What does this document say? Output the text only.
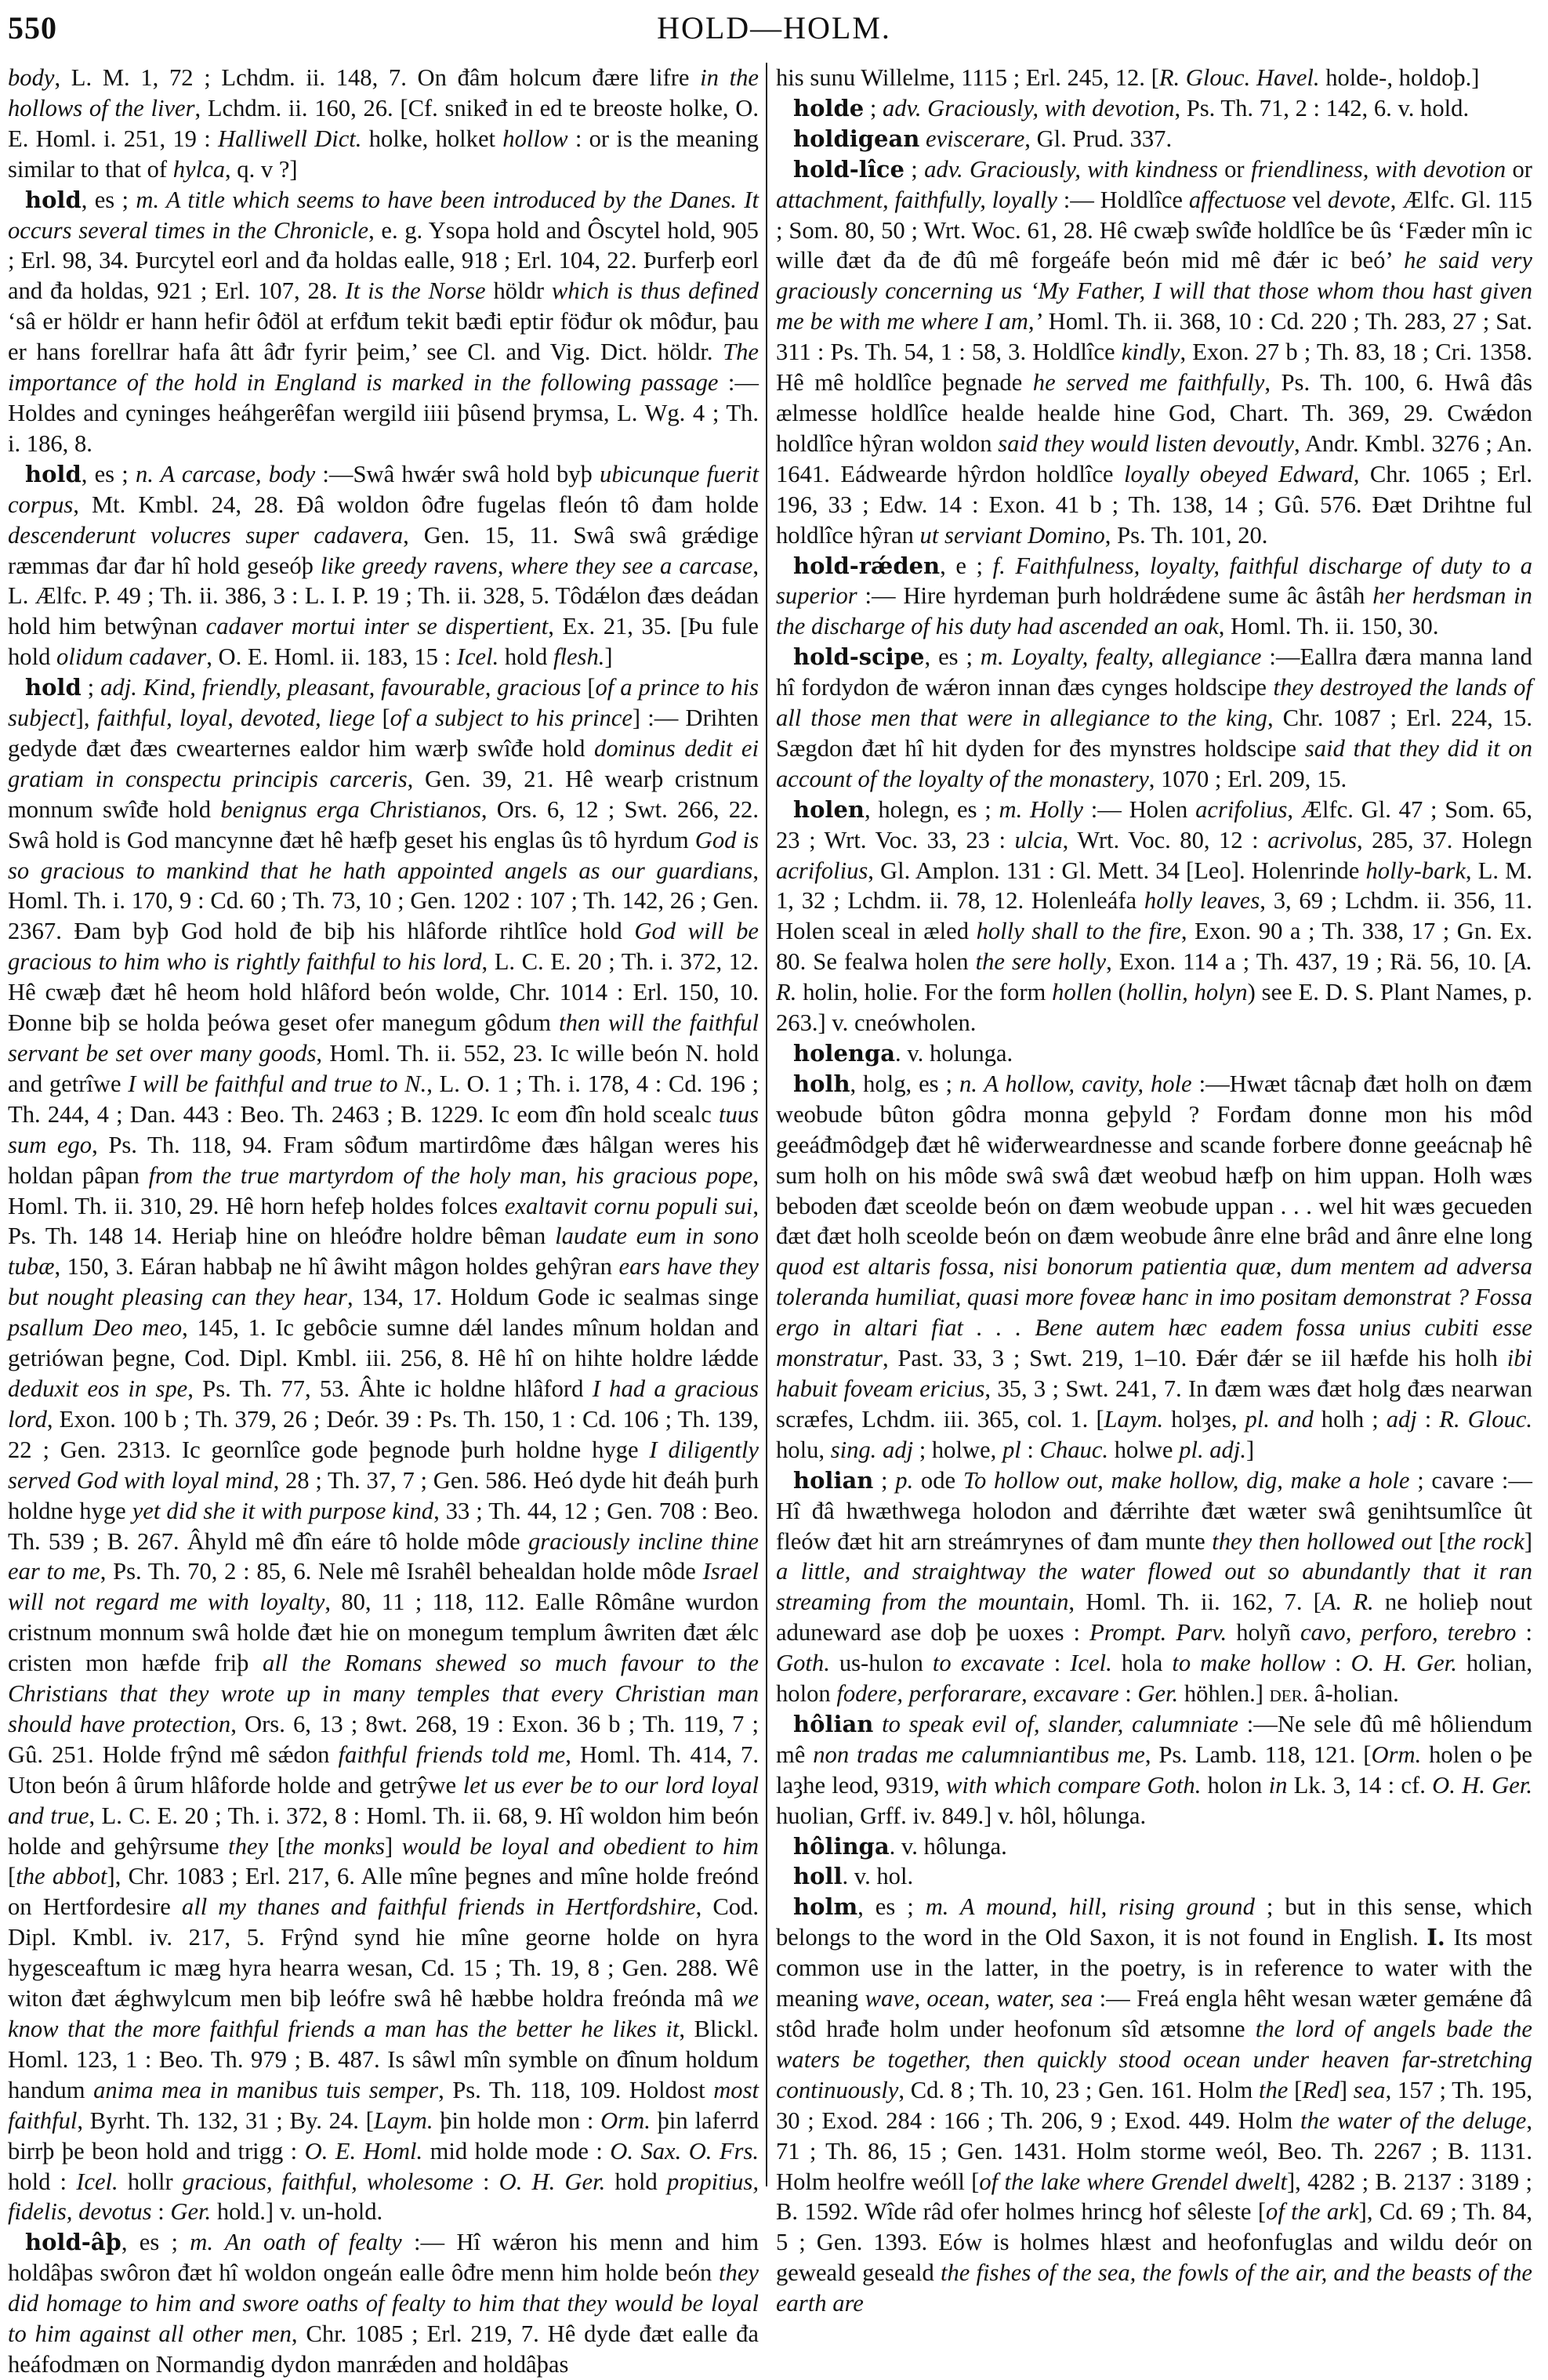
550	HOLD—HOLM.

body, L. M. 1, 72 ; Lchdm. ii. 148, 7. On đâm holcum đære lifre in the hollows of the liver, Lchdm. ii. 160, 26. [Cf. snikeđ in ed te breoste holke, O. E. Homl. i. 251, 19 : Halliwell Dict. holke, holket hollow : or is the meaning similar to that of hylca, q. v ?]

hold, es ; m. A title which seems to have been introduced by the Danes. It occurs several times in the Chronicle, e. g. Ysopa hold and Ôscytel hold, 905 ; Erl. 98, 34. Þurcytel eorl and đa holdas ealle, 918 ; Erl. 104, 22. Þurferþ eorl and đa holdas, 921 ; Erl. 107, 28. It is the Norse höldr which is thus defined ‘sâ er höldr er hann hefir ôđöl at erfđum tekit bæđi eptir föđur ok môđur, þau er hans forellrar hafa âtt âđr fyrir þeim,’ see Cl. and Vig. Dict. höldr. The importance of the hold in England is marked in the following passage :— Holdes and cyninges heáhgerêfan wergild iiii þûsend þrymsa, L. Wg. 4 ; Th. i. 186, 8.

hold, es ; n. A carcase, body :—Swâ hwǽr swâ hold byþ ubicunque fuerit corpus, Mt. Kmbl. 24, 28. Đâ woldon ôđre fugelas fleón tô đam holde descenderunt volucres super cadavera, Gen. 15, 11. Swâ swâ grǽdige ræmmas đar đar hî hold geseóþ like greedy ravens, where they see a carcase, L. Ælfc. P. 49 ; Th. ii. 386, 3 : L. I. P. 19 ; Th. ii. 328, 5. Tôdǽlon đæs deádan hold him betwŷnan cadaver mortui inter se dispertient, Ex. 21, 35. [Þu fule hold olidum cadaver, O. E. Homl. ii. 183, 15 : Icel. hold flesh.]

hold ; adj. Kind, friendly, pleasant, favourable, gracious [of a prince to his subject], faithful, loyal, devoted, liege [of a subject to his prince] :— Drihten gedyde đæt đæs cwearternes ealdor him wærþ swîđe hold dominus dedit ei gratiam in conspectu principis carceris, Gen. 39, 21. Hê wearþ cristnum monnum swîđe hold benignus erga Christianos, Ors. 6, 12 ; Swt. 266, 22. Swâ hold is God mancynne đæt hê hæfþ geset his englas ûs tô hyrdum God is so gracious to mankind that he hath appointed angels as our guardians, Homl. Th. i. 170, 9 : Cd. 60 ; Th. 73, 10 ; Gen. 1202 : 107 ; Th. 142, 26 ; Gen. 2367. Đam byþ God hold đe biþ his hlâforde rihtlîce hold God will be gracious to him who is rightly faithful to his lord, L. C. E. 20 ; Th. i. 372, 12. Hê cwæþ đæt hê heom hold hlâford beón wolde, Chr. 1014 : Erl. 150, 10. Đonne biþ se holda þeówa geset ofer manegum gôdum then will the faithful servant be set over many goods, Homl. Th. ii. 552, 23. Ic wille beón N. hold and getrîwe I will be faithful and true to N., L. O. 1 ; Th. i. 178, 4 : Cd. 196 ; Th. 244, 4 ; Dan. 443 : Beo. Th. 2463 ; B. 1229. Ic eom đîn hold scealc tuus sum ego, Ps. Th. 118, 94. Fram sôđum martirdôme đæs hâlgan weres his holdan pâpan from the true martyrdom of the holy man, his gracious pope, Homl. Th. ii. 310, 29. Hê horn hefeþ holdes folces exaltavit cornu populi sui, Ps. Th. 148 14. Heriaþ hine on hleóđre holdre bêman laudate eum in sono tubæ, 150, 3. Eáran habbaþ ne hî âwiht mâgon holdes gehŷran ears have they but nought pleasing can they hear, 134, 17. Holdum Gode ic sealmas singe psallum Deo meo, 145, 1. Ic gebôcie sumne dǽl landes mînum holdan and getriówan þegne, Cod. Dipl. Kmbl. iii. 256, 8. Hê hî on hihte holdre lǽdde deduxit eos in spe, Ps. Th. 77, 53. Âhte ic holdne hlâford I had a gracious lord, Exon. 100 b ; Th. 379, 26 ; Deór. 39 : Ps. Th. 150, 1 : Cd. 106 ; Th. 139, 22 ; Gen. 2313. Ic geornlîce gode þegnode þurh holdne hyge I diligently served God with loyal mind, 28 ; Th. 37, 7 ; Gen. 586. Heó dyde hit đeáh þurh holdne hyge yet did she it with purpose kind, 33 ; Th. 44, 12 ; Gen. 708 : Beo. Th. 539 ; B. 267. Âhyld mê đîn eáre tô holde môde graciously incline thine ear to me, Ps. Th. 70, 2 : 85, 6. Nele mê Israhêl behealdan holde môde Israel will not regard me with loyalty, 80, 11 ; 118, 112. Ealle Rômâne wurdon cristnum monnum swâ holde đæt hie on monegum templum âwriten đæt ǽlc cristen mon hæfde friþ all the Romans shewed so much favour to the Christians that they wrote up in many temples that every Christian man should have protection, Ors. 6, 13 ; 8wt. 268, 19 : Exon. 36 b ; Th. 119, 7 ; Gû. 251. Holde frŷnd mê sǽdon faithful friends told me, Homl. Th. 414, 7. Uton beón â ûrum hlâforde holde and getrŷwe let us ever be to our lord loyal and true, L. C. E. 20 ; Th. i. 372, 8 : Homl. Th. ii. 68, 9. Hî woldon him beón holde and gehŷrsume they [the monks] would be loyal and obedient to him [the abbot], Chr. 1083 ; Erl. 217, 6. Alle mîne þegnes and mîne holde freónd on Hertfordesire all my thanes and faithful friends in Hertfordshire, Cod. Dipl. Kmbl. iv. 217, 5. Frŷnd synd hie mîne georne holde on hyra hygesceaftum ic mæg hyra hearra wesan, Cd. 15 ; Th. 19, 8 ; Gen. 288. Wê witon đæt ǽghwylcum men biþ leófre swâ hê hæbbe holdra freónda mâ we know that the more faithful friends a man has the better he likes it, Blickl. Homl. 123, 1 : Beo. Th. 979 ; B. 487. Is sâwl mîn symble on đînum holdum handum anima mea in manibus tuis semper, Ps. Th. 118, 109. Holdost most faithful, Byrht. Th. 132, 31 ; By. 24. [Laym. þin holde mon : Orm. þin laferrd birrþ þe beon hold and trigg : O. E. Homl. mid holde mode : O. Sax. O. Frs. hold : Icel. hollr gracious, faithful, wholesome : O. H. Ger. hold propitius, fidelis, devotus : Ger. hold.] v. un-hold.

hold-âþ, es ; m. An oath of fealty :— Hî wǽron his menn and him holdâþas swôron đæt hî woldon ongeán ealle ôđre menn him holde beón they did homage to him and swore oaths of fealty to him that they would be loyal to him against all other men, Chr. 1085 ; Erl. 219, 7. Hê dyde đæt ealle đa heáfodmæn on Normandig dydon manrǽden and holdâþas

his sunu Willelme, 1115 ; Erl. 245, 12. [R. Glouc. Havel. holde-, holdoþ.]

holde ; adv. Graciously, with devotion, Ps. Th. 71, 2 : 142, 6. v. hold.

holdigean eviscerare, Gl. Prud. 337.

hold-lîce ; adv. Graciously, with kindness or friendliness, with devotion or attachment, faithfully, loyally :— Holdlîce affectuose vel devote, Ælfc. Gl. 115 ; Som. 80, 50 ; Wrt. Woc. 61, 28. Hê cwæþ swîđe holdlîce be ûs ‘Fæder mîn ic wille đæt đa đe đû mê forgeáfe beón mid mê đǽr ic beó’ he said very graciously concerning us ‘My Father, I will that those whom thou hast given me be with me where I am,’ Homl. Th. ii. 368, 10 : Cd. 220 ; Th. 283, 27 ; Sat. 311 : Ps. Th. 54, 1 : 58, 3. Holdlîce kindly, Exon. 27 b ; Th. 83, 18 ; Cri. 1358. Hê mê holdlîce þegnade he served me faithfully, Ps. Th. 100, 6. Hwâ đâs ælmesse holdlîce healde healde hine God, Chart. Th. 369, 29. Cwǽdon holdlîce hŷran woldon said they would listen devoutly, Andr. Kmbl. 3276 ; An. 1641. Eádwearde hŷrdon holdlîce loyally obeyed Edward, Chr. 1065 ; Erl. 196, 33 ; Edw. 14 : Exon. 41 b ; Th. 138, 14 ; Gû. 576. Đæt Drihtne ful holdlîce hŷran ut serviant Domino, Ps. Th. 101, 20.

hold-rǽden, e ; f. Faithfulness, loyalty, faithful discharge of duty to a superior :— Hire hyrdeman þurh holdrǽdene sume âc âstâh her herdsman in the discharge of his duty had ascended an oak, Homl. Th. ii. 150, 30.

hold-scipe, es ; m. Loyalty, fealty, allegiance :—Eallra đæra manna land hî fordydon đe wǽron innan đæs cynges holdscipe they destroyed the lands of all those men that were in allegiance to the king, Chr. 1087 ; Erl. 224, 15. Sægdon đæt hî hit dyden for đes mynstres holdscipe said that they did it on account of the loyalty of the monastery, 1070 ; Erl. 209, 15.

holen, holegn, es ; m. Holly :— Holen acrifolius, Ælfc. Gl. 47 ; Som. 65, 23 ; Wrt. Voc. 33, 23 : ulcia, Wrt. Voc. 80, 12 : acrivolus, 285, 37. Holegn acrifolius, Gl. Amplon. 131 : Gl. Mett. 34 [Leo]. Holenrinde holly-bark, L. M. 1, 32 ; Lchdm. ii. 78, 12. Holenleáfa holly leaves, 3, 69 ; Lchdm. ii. 356, 11. Holen sceal in æled holly shall to the fire, Exon. 90 a ; Th. 338, 17 ; Gn. Ex. 80. Se fealwa holen the sere holly, Exon. 114 a ; Th. 437, 19 ; Rä. 56, 10. [A. R. holin, holie. For the form hollen (hollin, holyn) see E. D. S. Plant Names, p. 263.] v. cneówholen.

holenga. v. holunga.

holh, holg, es ; n. A hollow, cavity, hole :—Hwæt tâcnaþ đæt holh on đæm weobude bûton gôdra monna geþyld ? Forđam đonne mon his môd geeáđmôdgeþ đæt hê wiđerweardnesse and scande forbere đonne geeácnaþ hê sum holh on his môde swâ swâ đæt weobud hæfþ on him uppan. Holh wæs beboden đæt sceolde beón on đæm weobude uppan . . . wel hit wæs gecueden đæt đæt holh sceolde beón on đæm weobude ânre elne brâd and ânre elne long quod est altaris fossa, nisi bonorum patientia quæ, dum mentem ad adversa toleranda humiliat, quasi more foveæ hanc in imo positam demonstrat ? Fossa ergo in altari fiat . . . Bene autem hæc eadem fossa unius cubiti esse monstratur, Past. 33, 3 ; Swt. 219, 1–10. Đǽr đǽr se iil hæfde his holh ibi habuit foveam ericius, 35, 3 ; Swt. 241, 7. In đæm wæs đæt holg đæs nearwan scræfes, Lchdm. iii. 365, col. 1. [Laym. holȝes, pl. and holh ; adj : R. Glouc. holu, sing. adj ; holwe, pl : Chauc. holwe pl. adj.]

holian ; p. ode To hollow out, make hollow, dig, make a hole ; cavare :— Hî đâ hwæthwega holodon and đǽrrihte đæt wæter swâ genihtsumlîce ût fleów đæt hit arn streámrynes of đam munte they then hollowed out [the rock] a little, and straightway the water flowed out so abundantly that it ran streaming from the mountain, Homl. Th. ii. 162, 7. [A. R. ne holieþ nout aduneward ase doþ þe uoxes : Prompt. Parv. holyñ cavo, perforo, terebro : Goth. us-hulon to excavate : Icel. hola to make hollow : O. H. Ger. holian, holon fodere, perforarare, excavare : Ger. höhlen.] der. â-holian.

hôlian to speak evil of, slander, calumniate :—Ne sele đû mê hôliendum mê non tradas me calumniantibus me, Ps. Lamb. 118, 121. [Orm. holen o þe laȝhe leod, 9319, with which compare Goth. holon in Lk. 3, 14 : cf. O. H. Ger. huolian, Grff. iv. 849.] v. hôl, hôlunga.

hôlinga. v. hôlunga.

holl. v. hol.

holm, es ; m. A mound, hill, rising ground ; but in this sense, which belongs to the word in the Old Saxon, it is not found in English. I. Its most common use in the latter, in the poetry, is in reference to water with the meaning wave, ocean, water, sea :— Freá engla hêht wesan wæter gemǽne đâ stôd hrađe holm under heofonum sîd ætsomne the lord of angels bade the waters be together, then quickly stood ocean under heaven far-stretching continuously, Cd. 8 ; Th. 10, 23 ; Gen. 161. Holm the [Red] sea, 157 ; Th. 195, 30 ; Exod. 284 : 166 ; Th. 206, 9 ; Exod. 449. Holm the water of the deluge, 71 ; Th. 86, 15 ; Gen. 1431. Holm storme weól, Beo. Th. 2267 ; B. 1131. Holm heolfre weóll [of the lake where Grendel dwelt], 4282 ; B. 2137 : 3189 ; B. 1592. Wîde râd ofer holmes hrincg hof sêleste [of the ark], Cd. 69 ; Th. 84, 5 ; Gen. 1393. Eów is holmes hlæst and heofonfuglas and wildu deór on geweald geseald the fishes of the sea, the fowls of the air, and the beasts of the earth are
